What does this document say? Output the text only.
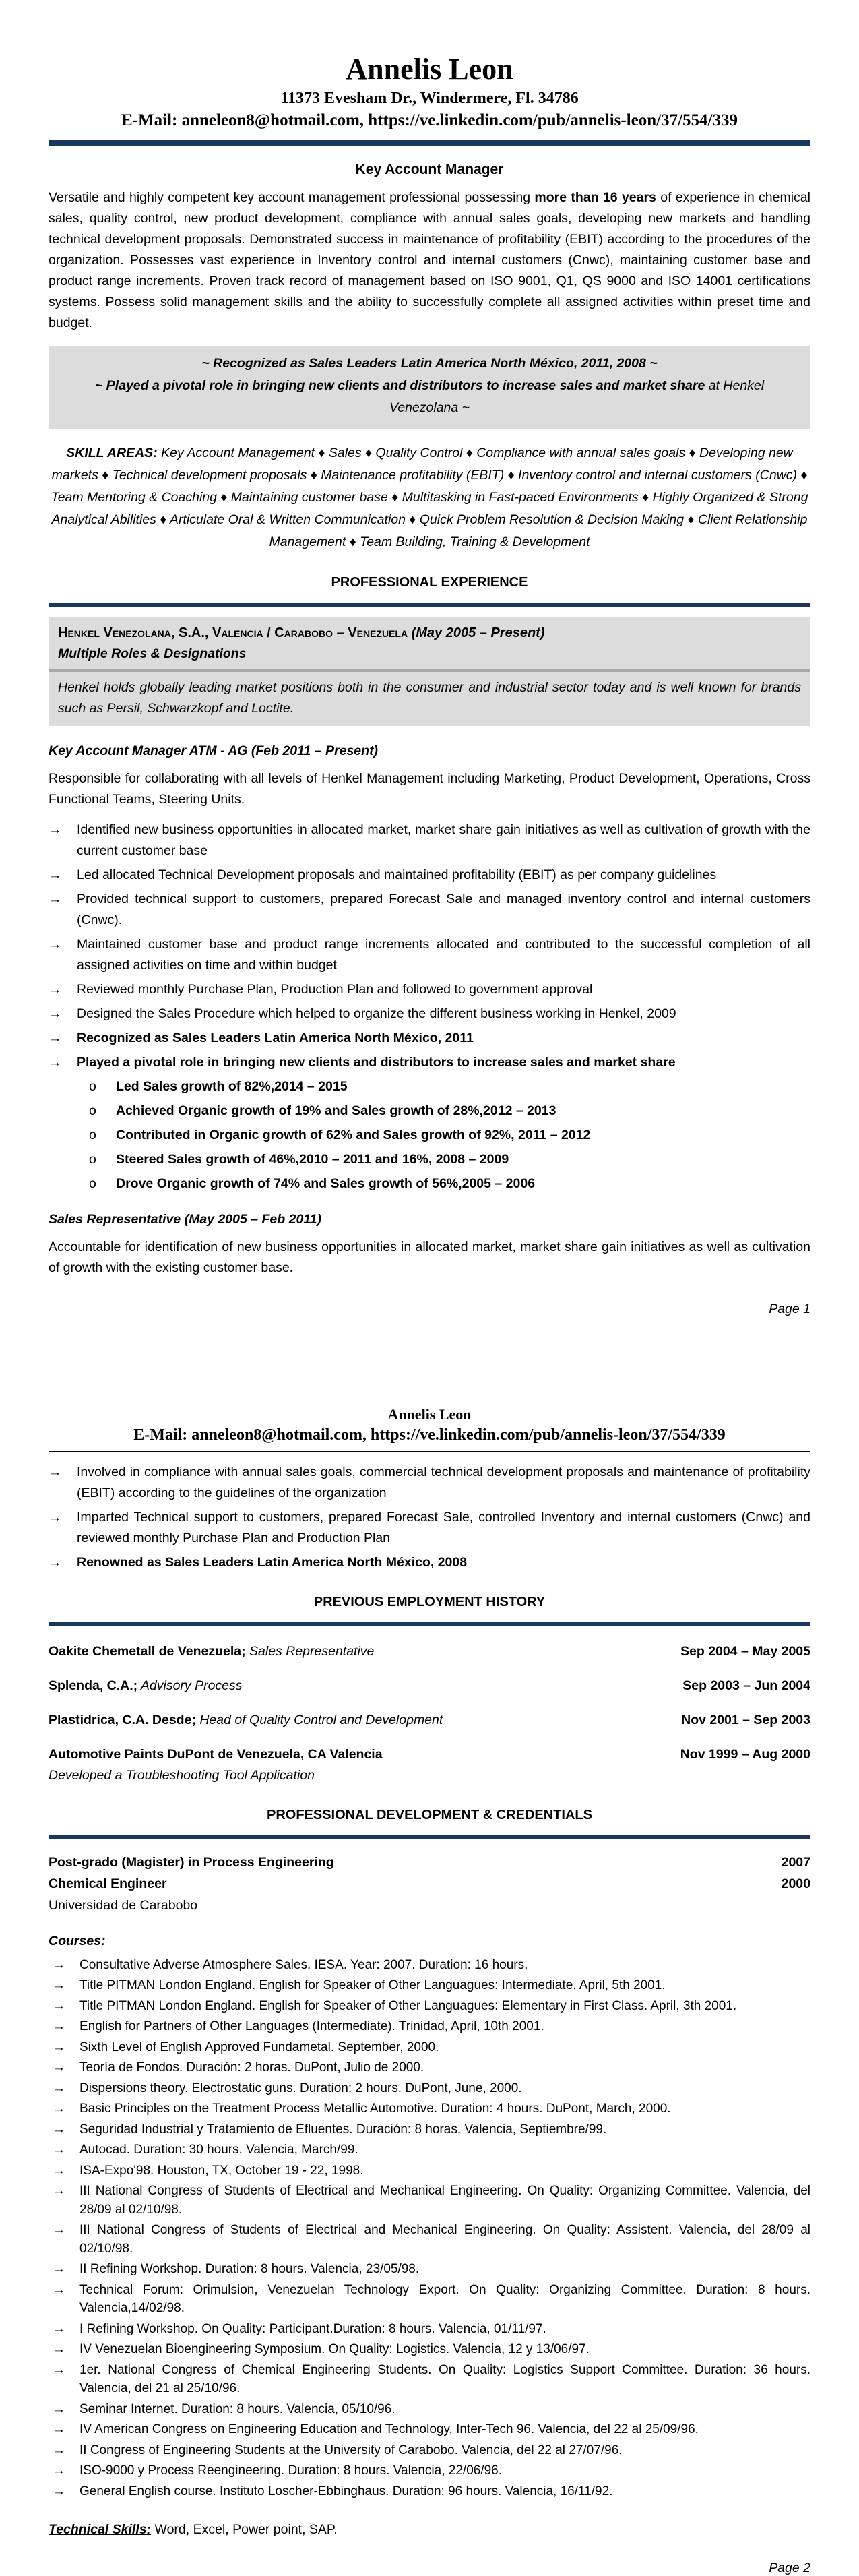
Annelis Leon
11373 Evesham Dr., Windermere, Fl. 34786
E-Mail: anneleon8@hotmail.com, https://ve.linkedin.com/pub/annelis-leon/37/554/339
Key Account Manager
Versatile and highly competent key account management professional possessing more than 16 years of experience in chemical sales, quality control, new product development, compliance with annual sales goals, developing new markets and handling technical development proposals. Demonstrated success in maintenance of profitability (EBIT) according to the procedures of the organization. Possesses vast experience in Inventory control and internal customers (Cnwc), maintaining customer base and product range increments. Proven track record of management based on ISO 9001, Q1, QS 9000 and ISO 14001 certifications systems. Possess solid management skills and the ability to successfully complete all assigned activities within preset time and budget.
~ Recognized as Sales Leaders Latin America North México, 2011, 2008 ~
~ Played a pivotal role in bringing new clients and distributors to increase sales and market share at Henkel Venezolana ~
SKILL AREAS: Key Account Management ♦ Sales ♦ Quality Control ♦ Compliance with annual sales goals ♦ Developing new markets ♦ Technical development proposals ♦ Maintenance profitability (EBIT) ♦ Inventory control and internal customers (Cnwc) ♦ Team Mentoring & Coaching ♦ Maintaining customer base ♦ Multitasking in Fast-paced Environments ♦ Highly Organized & Strong Analytical Abilities ♦ Articulate Oral & Written Communication ♦ Quick Problem Resolution & Decision Making ♦ Client Relationship Management ♦ Team Building, Training & Development
PROFESSIONAL EXPERIENCE
Henkel Venezolana, S.A., Valencia / Carabobo – Venezuela (May 2005 – Present)
Multiple Roles & Designations
Henkel holds globally leading market positions both in the consumer and industrial sector today and is well known for brands such as Persil, Schwarzkopf and Loctite.
Key Account Manager ATM - AG (Feb 2011 – Present)
Responsible for collaborating with all levels of Henkel Management including Marketing, Product Development, Operations, Cross Functional Teams, Steering Units.
→	Identified new business opportunities in allocated market, market share gain initiatives as well as cultivation of growth with the current customer base
→	Led allocated Technical Development proposals and maintained profitability (EBIT) as per company guidelines
→	Provided technical support to customers, prepared Forecast Sale and managed inventory control and internal customers (Cnwc).
→	Maintained customer base and product range increments allocated and contributed to the successful completion of all assigned activities on time and within budget
→	Reviewed monthly Purchase Plan, Production Plan and followed to government approval
→	Designed the Sales Procedure which helped to organize the different business working in Henkel, 2009
→	Recognized as Sales Leaders Latin America North México, 2011
→	Played a pivotal role in bringing new clients and distributors to increase sales and market share
o	Led Sales growth of 82%,2014 – 2015
o	Achieved Organic growth of 19% and Sales growth of 28%,2012 – 2013
o	Contributed in Organic growth of 62% and Sales growth of 92%, 2011 – 2012
o	Steered Sales growth of 46%,2010 – 2011 and 16%, 2008 – 2009
o	Drove Organic growth of 74% and Sales growth of 56%,2005 – 2006
Sales Representative (May 2005 – Feb 2011)
Accountable for identification of new business opportunities in allocated market, market share gain initiatives as well as cultivation of growth with the existing customer base.
Page 1
Annelis Leon
E-Mail: anneleon8@hotmail.com, https://ve.linkedin.com/pub/annelis-leon/37/554/339
→	Involved in compliance with annual sales goals, commercial technical development proposals and maintenance of profitability (EBIT) according to the guidelines of the organization
→	Imparted Technical support to customers, prepared Forecast Sale, controlled Inventory and internal customers (Cnwc) and reviewed monthly Purchase Plan and Production Plan
→	Renowned as Sales Leaders Latin America North México, 2008
PREVIOUS EMPLOYMENT HISTORY
Oakite Chemetall de Venezuela; Sales Representative	Sep 2004 – May 2005
Splenda, C.A.; Advisory Process	Sep 2003 – Jun 2004
Plastidrica, C.A. Desde; Head of Quality Control and Development	Nov 2001 – Sep 2003
Automotive Paints DuPont de Venezuela, CA Valencia	Nov 1999 – Aug 2000
Developed a Troubleshooting Tool Application
PROFESSIONAL DEVELOPMENT & CREDENTIALS
Post-grado (Magister) in Process Engineering	2007
Chemical Engineer	2000
Universidad de Carabobo
Courses:
→	Consultative Adverse Atmosphere Sales. IESA. Year: 2007. Duration: 16 hours.
→	Title PITMAN London England. English for Speaker of Other Languagues: Intermediate. April, 5th 2001.
→	Title PITMAN London England. English for Speaker of Other Languagues: Elementary in First Class. April, 3th 2001.
→	English for Partners of Other Languages (Intermediate). Trinidad, April, 10th 2001.
→	Sixth Level of English Approved Fundametal. September, 2000.
→	Teoría de Fondos. Duración: 2 horas. DuPont, Julio de 2000.
→	Dispersions theory. Electrostatic guns. Duration: 2 hours. DuPont, June, 2000.
→	Basic Principles on the Treatment Process Metallic Automotive. Duration: 4 hours. DuPont, March, 2000.
→	Seguridad Industrial y Tratamiento de Efluentes. Duración: 8 horas. Valencia, Septiembre/99.
→	Autocad. Duration: 30 hours. Valencia, March/99.
→	ISA-Expo'98. Houston, TX, October 19 - 22, 1998.
→	III National Congress of Students of Electrical and Mechanical Engineering. On Quality: Organizing Committee. Valencia, del 28/09 al 02/10/98.
→	III National Congress of Students of Electrical and Mechanical Engineering. On Quality: Assistent. Valencia, del 28/09 al 02/10/98.
→	II Refining Workshop. Duration: 8 hours. Valencia, 23/05/98.
→	Technical Forum: Orimulsion, Venezuelan Technology Export. On Quality: Organizing Committee. Duration: 8 hours. Valencia,14/02/98.
→	I Refining Workshop. On Quality: Participant.Duration: 8 hours. Valencia, 01/11/97.
→	IV Venezuelan Bioengineering Symposium. On Quality: Logistics. Valencia, 12 y 13/06/97.
→	1er. National Congress of Chemical Engineering Students. On Quality: Logistics Support Committee. Duration: 36 hours. Valencia, del 21 al 25/10/96.
→	Seminar Internet. Duration: 8 hours. Valencia, 05/10/96.
→	IV American Congress on Engineering Education and Technology, Inter-Tech 96. Valencia, del 22 al 25/09/96.
→	II Congress of Engineering Students at the University of Carabobo. Valencia, del 22 al 27/07/96.
→	ISO-9000 y Process Reengineering. Duration: 8 hours. Valencia, 22/06/96.
→	General English course. Instituto Loscher-Ebbinghaus. Duration: 96 hours. Valencia, 16/11/92.
Technical Skills: Word, Excel, Power point, SAP.
Page 2
